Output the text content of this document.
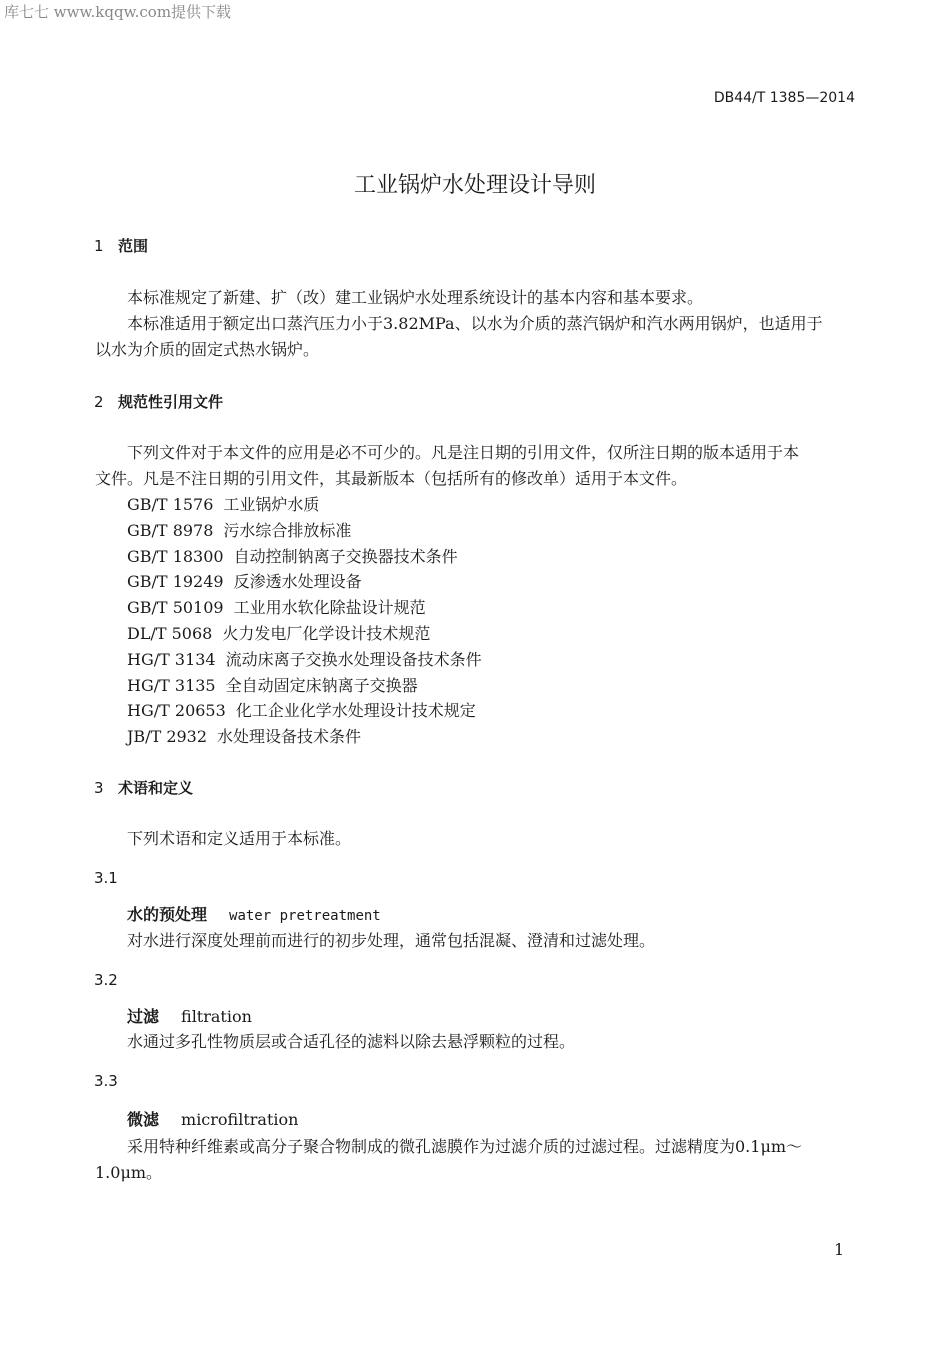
库七七 www.kqqw.com提供下载
DB44/T 1385—2014
工业锅炉水处理设计导则
1 范围
本标准规定了新建、扩（改）建工业锅炉水处理系统设计的基本内容和基本要求。
本标准适用于额定出口蒸汽压力小于3.82MPa、以水为介质的蒸汽锅炉和汽水两用锅炉，也适用于
以水为介质的固定式热水锅炉。
2 规范性引用文件
下列文件对于本文件的应用是必不可少的。凡是注日期的引用文件，仅所注日期的版本适用于本
文件。凡是不注日期的引用文件，其最新版本（包括所有的修改单）适用于本文件。
GB/T 1576 工业锅炉水质
GB/T 8978 污水综合排放标准
GB/T 18300 自动控制钠离子交换器技术条件
GB/T 19249 反渗透水处理设备
GB/T 50109 工业用水软化除盐设计规范
DL/T 5068 火力发电厂化学设计技术规范
HG/T 3134 流动床离子交换水处理设备技术条件
HG/T 3135 全自动固定床钠离子交换器
HG/T 20653 化工企业化学水处理设计技术规定
JB/T 2932 水处理设备技术条件
3 术语和定义
下列术语和定义适用于本标准。
3.1
水的预处理 water pretreatment
对水进行深度处理前而进行的初步处理，通常包括混凝、澄清和过滤处理。
3.2
过滤 filtration
水通过多孔性物质层或合适孔径的滤料以除去悬浮颗粒的过程。
3.3
微滤 microfiltration
采用特种纤维素或高分子聚合物制成的微孔滤膜作为过滤介质的过滤过程。过滤精度为0.1μm～
1.0μm。
1
